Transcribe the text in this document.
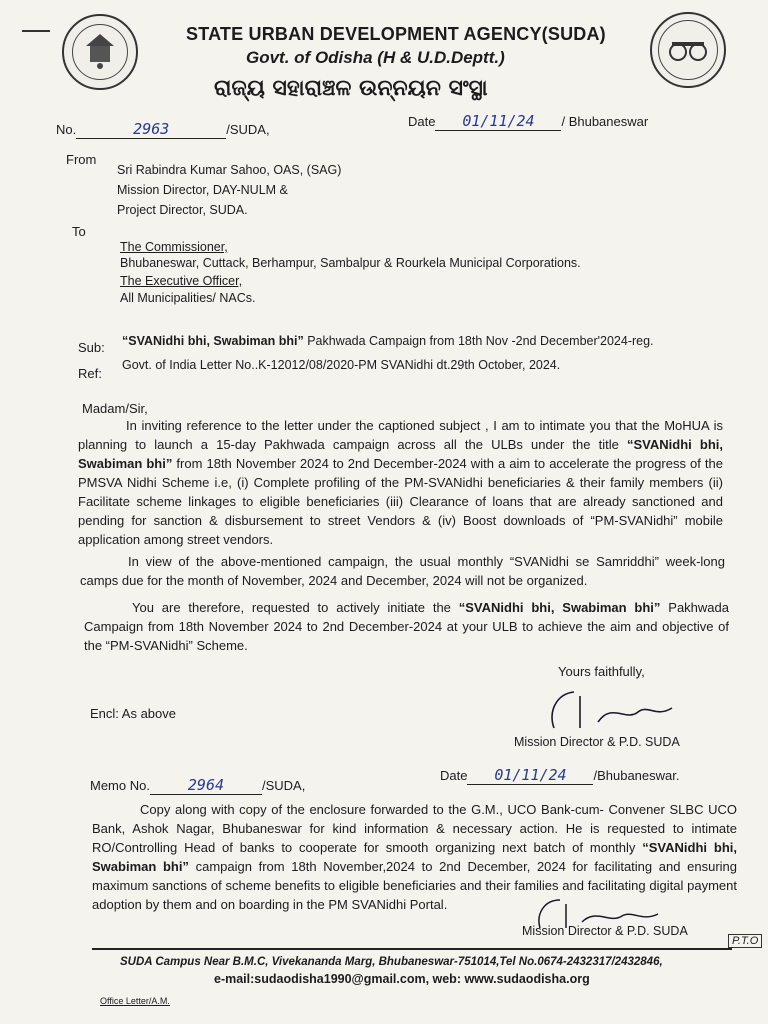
STATE URBAN DEVELOPMENT AGENCY(SUDA)
Govt. of Odisha (H & U.D.Deptt.)
ରାଜ୍ୟ ସହାରାଞ୍ଚଳ ଉନ୍ନୟନ ସଂସ୍ଥା
No.	2963	/SUDA,
Date 01/11/24 / Bhubaneswar
From
Sri Rabindra Kumar Sahoo, OAS, (SAG)
Mission Director, DAY-NULM &
Project Director, SUDA.
To
The Commissioner,
Bhubaneswar, Cuttack, Berhampur, Sambalpur & Rourkela Municipal Corporations.
The Executive Officer,
All Municipalities/ NACs.
Sub: “SVANidhi bhi, Swabiman bhi” Pakhwada Campaign from 18th Nov -2nd December'2024-reg.
Ref:
Govt. of India Letter No..K-12012/08/2020-PM SVANidhi dt.29th October, 2024.
Madam/Sir,
In inviting reference to the letter under the captioned subject , I am to intimate you that the MoHUA is planning to launch a 15-day Pakhwada campaign across all the ULBs under the title “SVANidhi bhi, Swabiman bhi” from 18th November 2024 to 2nd December-2024 with a aim to accelerate the progress of the PMSVA Nidhi Scheme i.e, (i) Complete profiling of the PM-SVANidhi beneficiaries & their family members (ii) Facilitate scheme linkages to eligible beneficiaries (iii) Clearance of loans that are already sanctioned and pending for sanction & disbursement to street Vendors & (iv) Boost downloads of “PM-SVANidhi” mobile application among street vendors.
In view of the above-mentioned campaign, the usual monthly “SVANidhi se Samriddhi” week-long camps due for the month of November, 2024 and December, 2024 will not be organized.
You are therefore, requested to actively initiate the “SVANidhi bhi, Swabiman bhi” Pakhwada Campaign from 18th November 2024 to 2nd December-2024 at your ULB to achieve the aim and objective of the “PM-SVANidhi” Scheme.
Yours faithfully,
Encl: As above
Mission Director & P.D. SUDA
Memo No.	2964	/SUDA,
Date 01/11/24 /Bhubaneswar.
Copy along with copy of the enclosure forwarded to the G.M., UCO Bank-cum- Convener SLBC UCO Bank, Ashok Nagar, Bhubaneswar for kind information & necessary action. He is requested to intimate RO/Controlling Head of banks to cooperate for smooth organizing next batch of monthly “SVANidhi bhi, Swabiman bhi” campaign from 18th November,2024 to 2nd December, 2024 for facilitating and ensuring maximum sanctions of scheme benefits to eligible beneficiaries and their families and facilitating digital payment adoption by them and on boarding in the PM SVANidhi Portal.
Mission Director & P.D. SUDA
P.T.O
SUDA Campus Near B.M.C, Vivekananda Marg, Bhubaneswar-751014,Tel No.0674-2432317/2432846,
e-mail:sudaodisha1990@gmail.com, web: www.sudaodisha.org
Office Letter/A.M.
